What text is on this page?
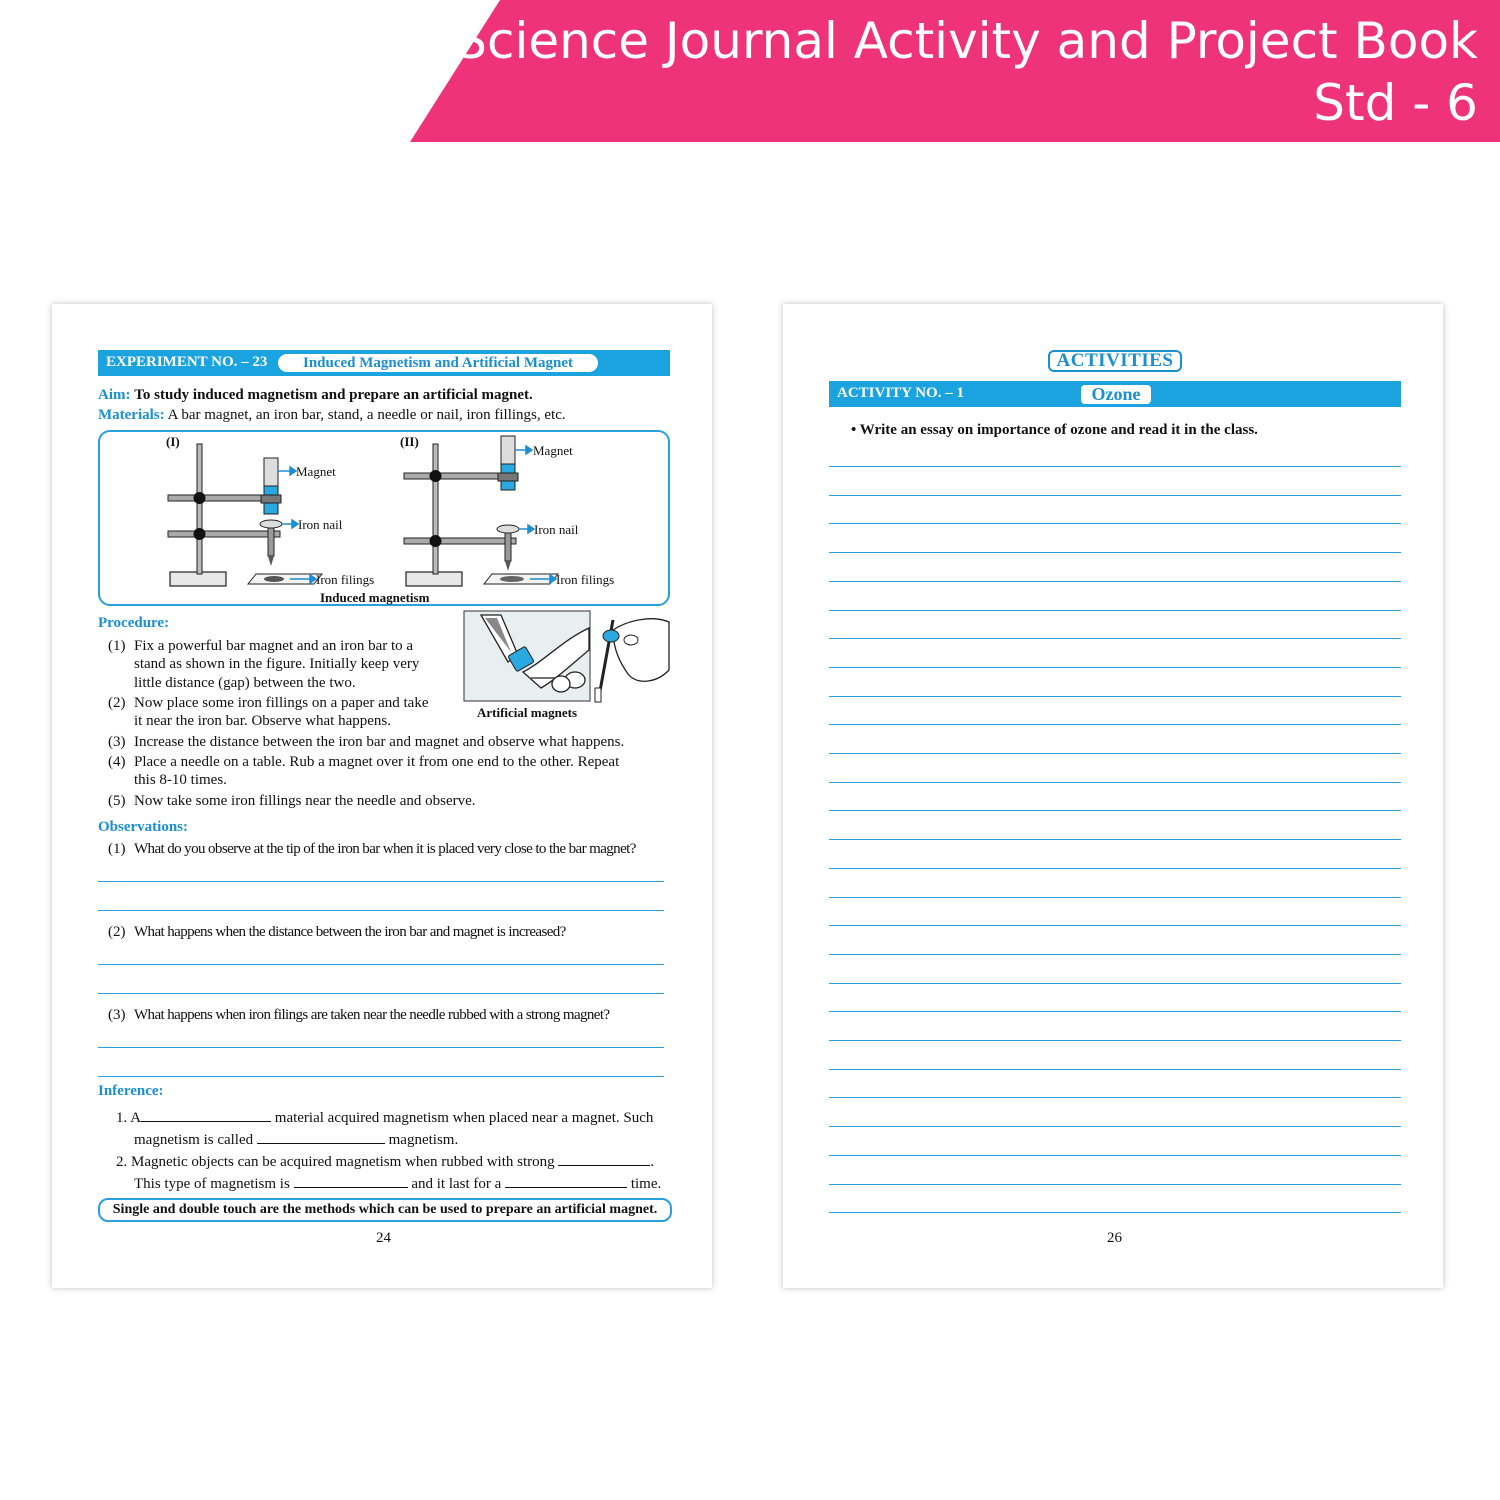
Science Journal Activity and Project Book
Std - 6
EXPERIMENT NO. – 23	Induced Magnetism and Artificial Magnet
Aim: To study induced magnetism and prepare an artificial magnet.
Materials: A bar magnet, an iron bar, stand, a needle or nail, iron fillings, etc.
(I)	(II)
Magnet
Iron nail
Iron filings
Magnet
Iron nail
Iron filings
Induced magnetism
Artificial magnets
Procedure:
(1) Fix a powerful bar magnet and an iron bar to a
stand as shown in the figure. Initially keep very
little distance (gap) between the two.
(2) Now place some iron fillings on a paper and take
it near the iron bar. Observe what happens.
(3) Increase the distance between the iron bar and magnet and observe what happens.
(4) Place a needle on a table. Rub a magnet over it from one end to the other. Repeat
this 8-10 times.
(5) Now take some iron fillings near the needle and observe.
Observations:
(1) What do you observe at the tip of the iron bar when it is placed very close to the bar magnet?
(2) What happens when the distance between the iron bar and magnet is increased?
(3) What happens when iron filings are taken near the needle rubbed with a strong magnet?
Inference:
1. A	material acquired magnetism when placed near a magnet. Such
magnetism is called	magnetism.
2. Magnetic objects can be acquired magnetism when rubbed with strong	.
This type of magnetism is	and it last for a	time.
Single and double touch are the methods which can be used to prepare an artificial magnet.
24
ACTIVITIES
ACTIVITY NO. – 1	Ozone
• Write an essay on importance of ozone and read it in the class.
26
